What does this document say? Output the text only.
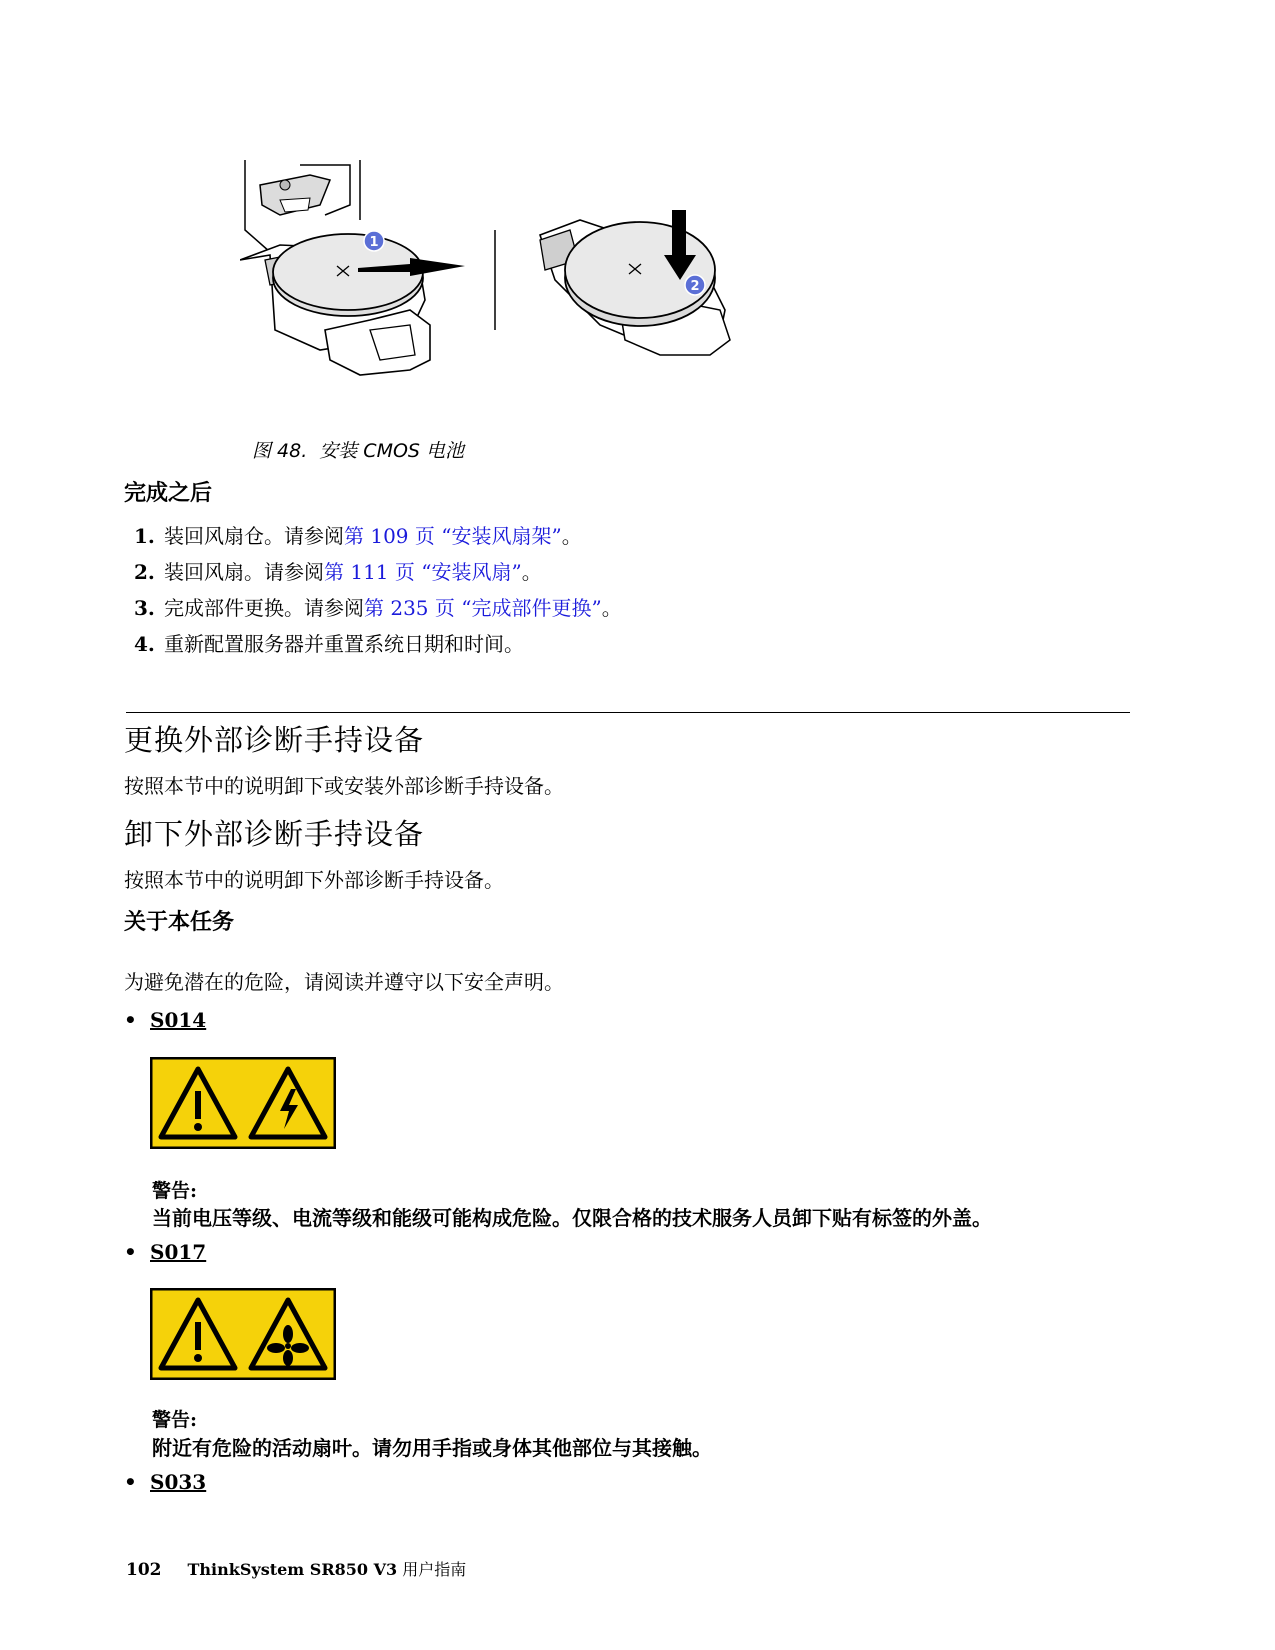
1
2
图 48. 安装 CMOS 电池
完成之后
1. 装回风扇仓。请参阅第 109 页 “安装风扇架”。
2. 装回风扇。请参阅第 111 页 “安装风扇”。
3. 完成部件更换。请参阅第 235 页 “完成部件更换”。
4. 重新配置服务器并重置系统日期和时间。
更换外部诊断手持设备
按照本节中的说明卸下或安装外部诊断手持设备。
卸下外部诊断手持设备
按照本节中的说明卸下外部诊断手持设备。
关于本任务
为避免潜在的危险，请阅读并遵守以下安全声明。
• S014
警告:
当前电压等级、电流等级和能级可能构成危险。仅限合格的技术服务人员卸下贴有标签的外盖。
• S017
警告:
附近有危险的活动扇叶。请勿用手指或身体其他部位与其接触。
• S033
102 ThinkSystem SR850 V3 用户指南
